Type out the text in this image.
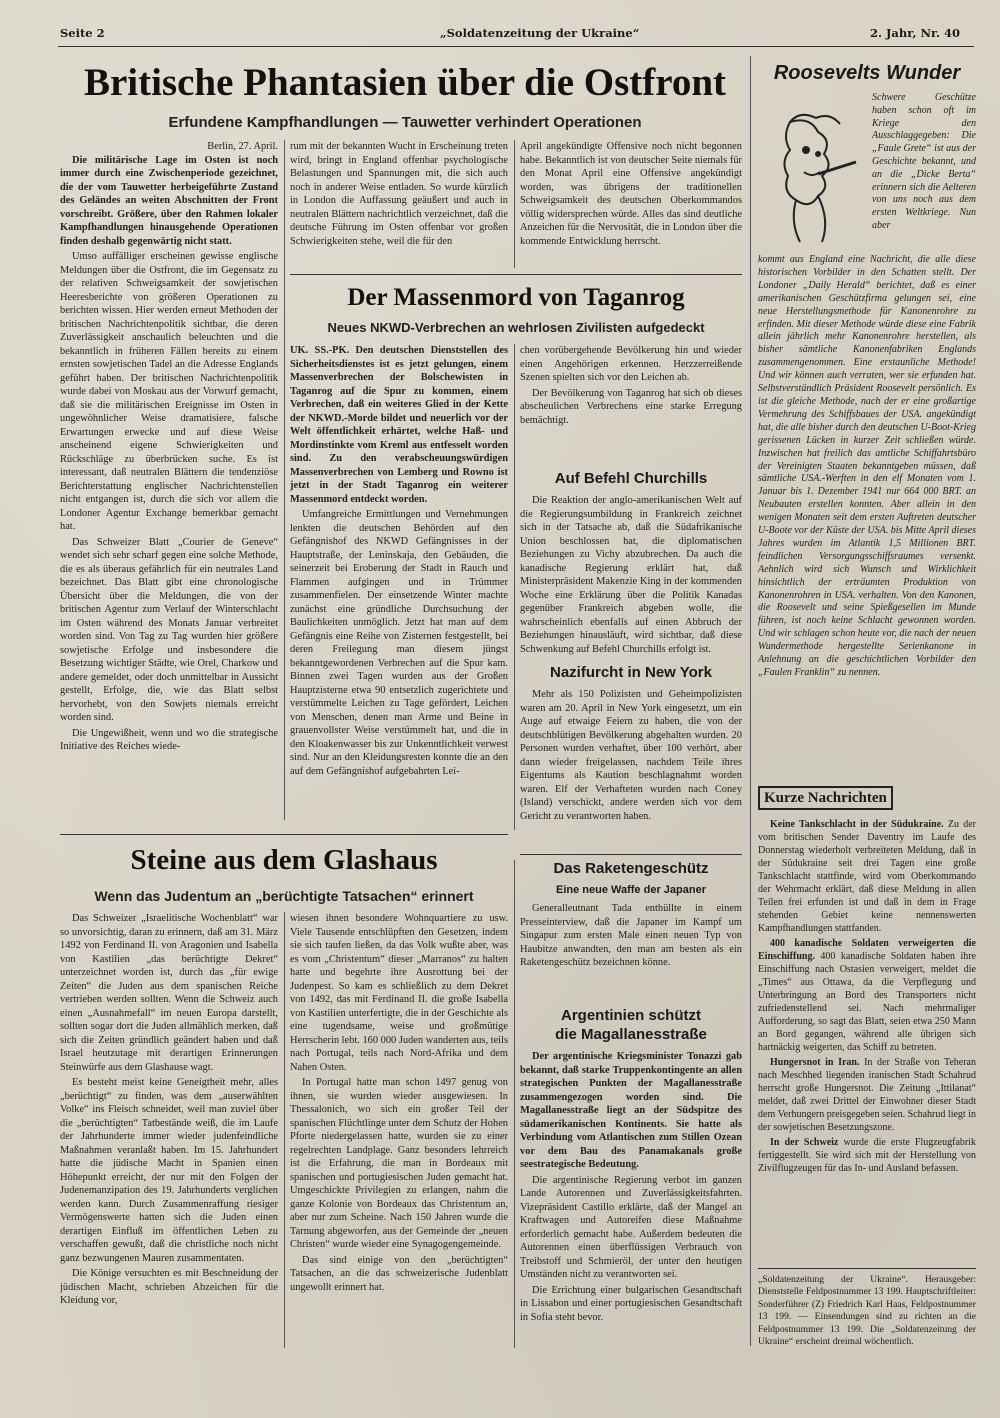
Seite 2	„Soldatenzeitung der Ukraine“	2. Jahr, Nr. 40
Britische Phantasien über die Ostfront
Erfundene Kampfhandlungen — Tauwetter verhindert Operationen
Berlin, 27. April.

Die militärische Lage im Osten ist noch immer durch eine Zwischenperiode gezeichnet, die der vom Tauwetter herbeigeführte Zustand des Geländes an weiten Abschnitten der Front vorschreibt. Größere, über den Rahmen lokaler Kampfhandlungen hinausgehende Operationen finden deshalb gegenwärtig nicht statt.

Umso auffälliger erscheinen gewisse englische Meldungen über die Ostfront, die im Gegensatz zu der relativen Schweigsamkeit der sowjetischen Heeresberichte von größeren Operationen zu berichten wissen. Hier werden erneut Methoden der britischen Nachrichtenpolitik sichtbar, die deren Zuverlässigkeit anschaulich beleuchten und die bekanntlich in früheren Fällen bereits zu einem ernsten sowjetischen Tadel an die Adresse Englands geführt haben. Der britischen Nachrichtenpolitik wurde dabei von Moskau aus der Vorwurf gemacht, daß sie die militärischen Ereignisse im Osten in ungewöhnlicher Weise dramatisiere, falsche Erwartungen erwecke und auf diese Weise anscheinend eigene Schwierigkeiten und Rückschläge zu überbrücken suche. Es ist interessant, daß neutralen Blättern die tendenziöse Berichterstattung englischer Nachrichtenstellen nicht entgangen ist, durch die sich vor allem die Londoner Agentur Exchange bemerkbar gemacht hat.

Das Schweizer Blatt „Courier de Geneve“ wendet sich sehr scharf gegen eine solche Methode, die es als überaus gefährlich für ein neutrales Land bezeichnet. Das Blatt gibt eine chronologische Übersicht über die Meldungen, die von der britischen Agentur zum Verlauf der Winterschlacht im Osten während des Monats Januar verbreitet worden sind. Von Tag zu Tag wurden hier größere sowjetische Erfolge und insbesondere die Besetzung wichtiger Städte, wie Orel, Charkow und andere gemeldet, oder doch unmittelbar in Aussicht gestellt, Erfolge, die, wie das Blatt selbst hervorhebt, von den Sowjets niemals erreicht worden sind.

Die Ungewißheit, wenn und wo die strategische Initiative des Reiches wiede-

rum mit der bekannten Wucht in Erscheinung treten wird, bringt in England offenbar psychologische Belastungen und Spannungen mit, die sich auch noch in anderer Weise entladen. So wurde kürzlich in London die Auffassung geäußert und auch in neutralen Blättern nachrichtlich verzeichnet, daß die deutsche Führung im Osten offenbar vor großen Schwierigkeiten stehe, weil die für den

April angekündigte Offensive noch nicht begonnen habe. Bekanntlich ist von deutscher Seite niemals für den Monat April eine Offensive angekündigt worden, was übrigens der traditionellen Schweigsamkeit des deutschen Oberkommandos völlig widersprechen würde. Alles das sind deutliche Anzeichen für die Nervosität, die in London über die kommende Entwicklung herrscht.

Der Massenmord von Taganrog
Neues NKWD-Verbrechen an wehrlosen Zivilisten aufgedeckt

UK. SS.-PK. Den deutschen Dienststellen des Sicherheitsdienstes ist es jetzt gelungen, einem Massenverbrechen der Bolschewisten in Taganrog auf die Spur zu kommen, einem Verbrechen, daß ein weiteres Glied in der Kette der NKWD.-Morde bildet und neuerlich vor der Welt öffentlichkeit erhärtet, welche Haß- und Mordinstinkte vom Kreml aus entfesselt worden sind. Zu den verabscheuungswürdigen Massenverbrechen von Lemberg und Rowno ist jetzt in der Stadt Taganrog ein weiterer Massenmord entdeckt worden.

Umfangreiche Ermittlungen und Vernehmungen lenkten die deutschen Behörden auf den Gefängnishof des NKWD Gefängnisses in der Hauptstraße, der Leninskaja, den Gebäuden, die seinerzeit bei Eroberung der Stadt in Rauch und Flammen aufgingen und in Trümmer zusammenfielen. Der einsetzende Winter machte zunächst eine gründliche Durchsuchung der Baulichkeiten unmöglich. Jetzt hat man auf dem Gefängnis eine Reihe von Zisternen festgestellt, bei deren Freilegung man diesem jüngst bekanntgewordenen Verbrechen auf die Spur kam. Binnen zwei Tagen wurden aus der Großen Hauptzisterne etwa 90 entsetzlich zugerichtete und verstümmelte Leichen zu Tage gefördert, Leichen von Menschen, denen man Arme und Beine in grauenvollster Weise verstümmelt hat, und die in den Kloakenwasser bis zur Unkenntlichkeit verwest sind. Nur an den Kleidungsresten konnte die an den auf dem Gefängnishof aufgebahrten Lei-

chen vorübergehende Bevölkerung hin und wieder einen Angehörigen erkennen. Herzzerreißende Szenen spielten sich vor den Leichen ab.

Der Bevölkerung von Taganrog hat sich ob dieses abscheulichen Verbrechens eine starke Erregung bemächtigt.

Auf Befehl Churchills

Die Reaktion der anglo-amerikanischen Welt auf die Regierungsumbildung in Frankreich zeichnet sich in der Tatsache ab, daß die Südafrikanische Union beschlossen hat, die diplomatischen Beziehungen zu Vichy abzubrechen. Da auch die kanadische Regierung erklärt hat, daß Ministerpräsident Makenzie King in der kommenden Woche eine Erklärung über die Politik Kanadas gegenüber Frankreich abgeben wolle, die wahrscheinlich ebenfalls auf einen Abbruch der Beziehungen hinausläuft, wird sichtbar, daß diese Schwenkung auf Befehl Churchills erfolgt ist.

Nazifurcht in New York

Mehr als 150 Polizisten und Geheimpolizisten waren am 20. April in New York eingesetzt, um ein Auge auf etwaige Feiern zu haben, die von der deutschblütigen Bevölkerung abgehalten wurden. 20 Personen wurden verhaftet, über 100 verhört, aber dann wieder freigelassen, nachdem Teile ihres Eigentums als Kaution beschlagnahmt worden waren. Elf der Verhafteten wurden nach Coney (Island) verschickt, andere werden sich vor dem Gericht zu verantworten haben.

Das Raketengeschütz
Eine neue Waffe der Japaner

Generalleutnant Tada enthüllte in einem Presseinterview, daß die Japaner im Kampf um Singapur zum ersten Male einen neuen Typ von Haubitze anwandten, den man am besten als ein Raketengeschütz bezeichnen könne.

Argentinien schützt
die Magallanesstraße

Der argentinische Kriegsminister Tonazzi gab bekannt, daß starke Truppenkontingente an allen strategischen Punkten der Magallanesstraße zusammengezogen worden sind. Die Magallanesstraße liegt an der Südspitze des südamerikanischen Kontinents. Sie hatte als Verbindung vom Atlantischen zum Stillen Ozean vor dem Bau des Panamakanals große seestrategische Bedeutung.

Die argentinische Regierung verbot im ganzen Lande Autorennen und Zuverlässigkeitsfahrten. Vizepräsident Castillo erklärte, daß der Mangel an Kraftwagen und Autoreifen diese Maßnahme erforderlich gemacht habe. Außerdem bedeuten die Autorennen einen überflüssigen Verbrauch von Treibstoff und Schmieröl, der unter den heutigen Umständen nicht zu verantworten sei.

Die Errichtung einer bulgarischen Gesandtschaft in Lissabon und einer portugiesischen Gesandtschaft in Sofia steht bevor.

Steine aus dem Glashaus
Wenn das Judentum an „berüchtigte Tatsachen“ erinnert

Das Schweizer „Israelitische Wochenblatt“ war so unvorsichtig, daran zu erinnern, daß am 31. März 1492 von Ferdinand II. von Aragonien und Isabella von Kastilien „das berüchtigte Dekret“ unterzeichnet worden ist, durch das „für ewige Zeiten“ die Juden aus dem spanischen Reiche vertrieben werden sollten. Wenn die Schweiz auch einen „Ausnahmefall“ im neuen Europa darstellt, sollten sogar dort die Juden allmählich merken, daß sich die Zeiten gründlich geändert haben und daß Israel heutzutage mit derartigen Erinnerungen Steinwürfe aus dem Glashause wagt.

Es besteht meist keine Geneigtheit mehr, alles „berüchtigt“ zu finden, was dem „auserwählten Volke“ ins Fleisch schneidet, weil man zuviel über die „berüchtigten“ Tatbestände weiß, die im Laufe der Jahrhunderte immer wieder judenfeindliche Maßnahmen veranlaßt haben. Im 15. Jahrhundert hatte die jüdische Macht in Spanien einen Höhepunkt erreicht, der nur mit den Folgen der Judenemanzipation des 19. Jahrhunderts verglichen werden kann. Durch Zusammenraffung riesiger Vermögenswerte hatten sich die Juden einen derartigen Einfluß im öffentlichen Leben zu verschaffen gewußt, daß die christliche noch nicht ganz bezwungenen Mauren zusammentaten.

Die Könige versuchten es mit Beschneidung der jüdischen Macht, schrieben Abzeichen für die Kleidung vor,

wiesen ihnen besondere Wohnquartiere zu usw. Viele Tausende entschlüpften den Gesetzen, indem sie sich taufen ließen, da das Volk wußte aber, was es vom „Christentum“ dieser „Marranos“ zu halten hatte und begehrte ihre Ausrottung bei der Judenpest. So kam es schließlich zu dem Dekret von 1492, das mit Ferdinand II. die große Isabella von Kastilien unterfertigte, die in der Geschichte als eine tugendsame, weise und großmütige Herrscherin lebt. 160 000 Juden wanderten aus, teils nach Portugal, teils nach Nord-Afrika und dem Nahen Osten.

In Portugal hatte man schon 1497 genug von ihnen, sie wurden wieder ausgewiesen. In Thessalonich, wo sich ein großer Teil der spanischen Flüchtlinge unter dem Schutz der Hohen Pforte niedergelassen hatte, wurden sie zu einer regelrechten Landplage. Ganz besonders lehrreich ist die Erfahrung, die man in Bordeaux mit spanischen und portugiesischen Juden gemacht hat. Umgeschickte Privilegien zu erlangen, nahm die ganze Kolonie von Bordeaux das Christentum an, aber nur zum Scheine. Nach 150 Jahren wurde die Tarnung abgeworfen, aus der Gemeinde der „neuen Christen“ wurde wieder eine Synagogengemeinde.

Das sind einige von den „berüchtigten“ Tatsachen, an die das schweizerische Judenblatt ungewollt erinnert hat.

Roosevelts Wunder

Schwere Geschütze haben schon oft im Kriege den Ausschlaggegeben: Die „Faule Grete“ ist aus der Geschichte bekannt, und an die „Dicke Berta“ erinnern sich die Aelteren von uns noch aus dem ersten Weltkriege. Nun aber

kommt aus England eine Nachricht, die alle diese historischen Vorbilder in den Schatten stellt. Der Londoner „Daily Herald“ berichtet, daß es einer amerikanischen Geschützfirma gelungen sei, eine neue Herstellungsmethode für Kanonenrohre zu erfinden. Mit dieser Methode würde diese eine Fabrik allein jährlich mehr Kanonenrohre herstellen, als bisher sämtliche Kanonenfabriken Englands zusammengenommen. Eine erstaunliche Methode! Und wir können auch verraten, wer sie erfunden hat. Selbstverständlich Präsident Roosevelt persönlich. Es ist die gleiche Methode, nach der er eine großartige Vermehrung des Schiffsbaues der USA. angekündigt hat, die alle bisher durch den deutschen U-Boot-Krieg gerissenen Lücken in kurzer Zeit schließen würde. Inzwischen hat freilich das amtliche Schiffahrtsbüro der Vereinigten Staaten bekanntgeben müssen, daß sämtliche USA.-Werften in den elf Monaten vom 1. Januar bis 1. Dezember 1941 nur 664 000 BRT. an Neubauten erstellen konnten. Aber allein in den wenigen Monaten seit dem ersten Auftreten deutscher U-Boote vor der Küste der USA. bis Mitte April dieses Jahres wurden im Atlantik 1,5 Millionen BRT. feindlichen Versorgungsschiffsraumes versenkt. Aehnlich wird sich Wunsch und Wirklichkeit hinsichtlich der erträumten Produktion von Kanonenrohren in USA. verhalten. Von den Kanonen, die Roosevelt und seine Spießgesellen im Munde führen, ist noch keine Schlacht gewonnen worden. Und wir schlagen schon heute vor, die nach der neuen Wundermethode hergestellte Serienkanone in Anlehnung an die geschichtlichen Vorbilder den „Faulen Franklin“ zu nennen.

Kurze Nachrichten

Keine Tankschlacht in der Südukraine. Zu der vom britischen Sender Daventry im Laufe des Donnerstag wiederholt verbreiteten Meldung, daß in der Südukraine seit drei Tagen eine große Tankschlacht stattfinde, wird vom Oberkommando der Wehrmacht erklärt, daß diese Meldung in allen Teilen frei erfunden ist und daß in dem in Frage stehenden Gebiet keine nennenswerten Kampfhandlungen stattfanden.

400 kanadische Soldaten verweigerten die Einschiffung. 400 kanadische Soldaten haben ihre Einschiffung nach Ostasien verweigert, meldet die „Times“ aus Ottawa, da die Verpflegung und Unterbringung an Bord des Transporters nicht zufriedenstellend sei. Nach mehrmaliger Aufforderung, so sagt das Blatt, seien etwa 250 Mann an Bord gegangen, während alle übrigen sich hartnäckig weigerten, das Schiff zu betreten.

Hungersnot in Iran. In der Straße von Teheran nach Meschhed liegenden iranischen Stadt Schahrud herrscht große Hungersnot. Die Zeitung „Ittilanat“ meldet, daß zwei Drittel der Einwohner dieser Stadt dem Verhungern preisgegeben seien. Schahrud liegt in der sowjetischen Besetzungszone.

In der Schweiz wurde die erste Flugzeugfabrik fertiggestellt. Sie wird sich mit der Herstellung von Zivilflugzeugen für das In- und Ausland befassen.

„Soldatenzeitung der Ukraine“. Herausgeber: Dienststelle Feldpostnummer 13 199. Hauptschriftleiter: Sonderführer (Z) Friedrich Karl Haas, Feldpostnummer 13 199. — Einsendungen sind zu richten an die Feldpostnummer 13 199. Die „Soldatenzeitung der Ukraine“ erscheint dreimal wöchentlich.
